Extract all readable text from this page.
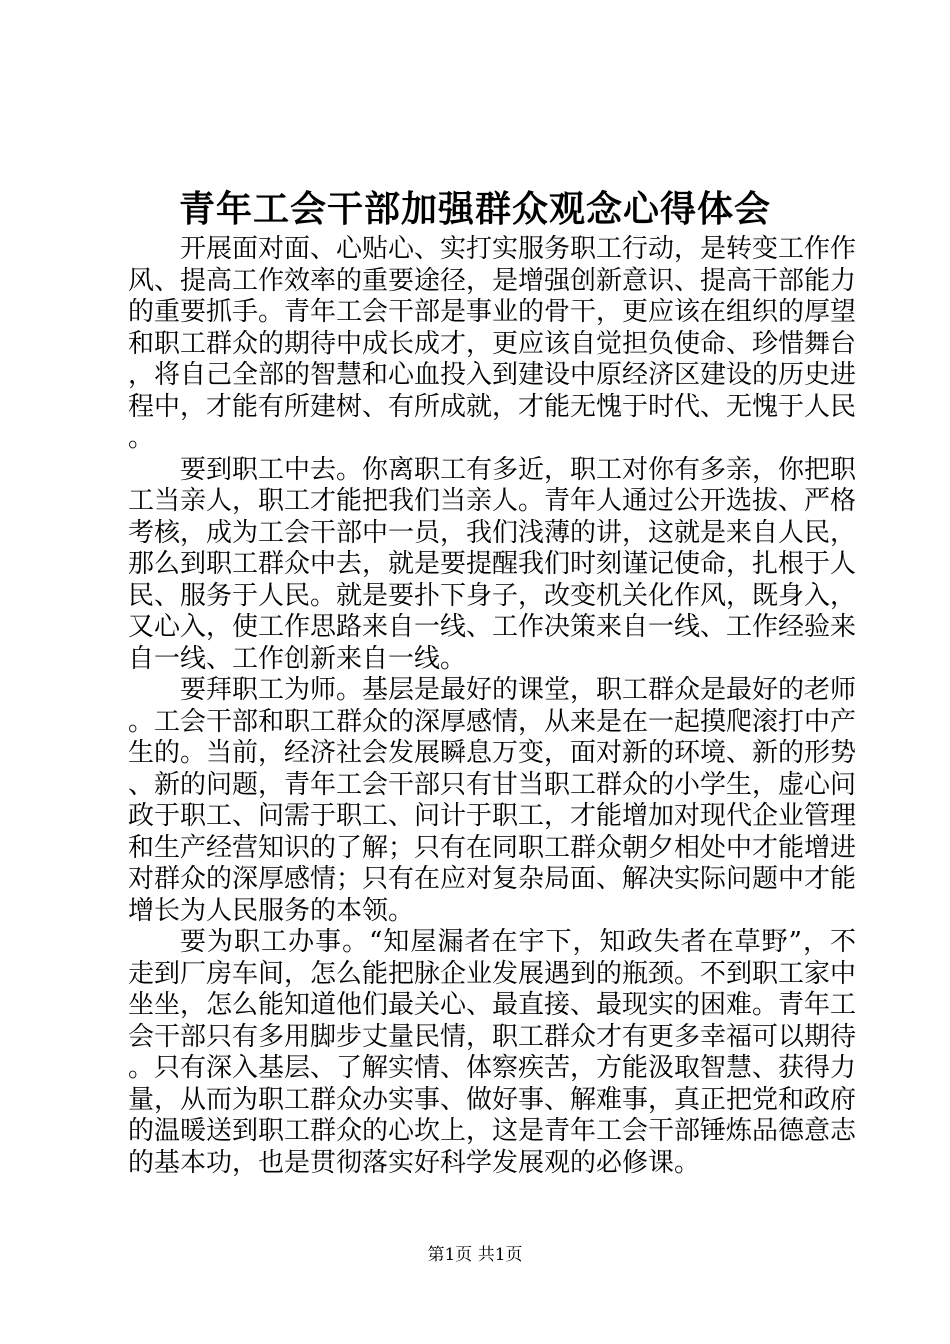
青年工会干部加强群众观念心得体会

开展面对面、心贴心、实打实服务职工行动，是转变工作作风、提高工作效率的重要途径，是增强创新意识、提高干部能力的重要抓手。青年工会干部是事业的骨干，更应该在组织的厚望和职工群众的期待中成长成才，更应该自觉担负使命、珍惜舞台，将自己全部的智慧和心血投入到建设中原经济区建设的历史进程中，才能有所建树、有所成就，才能无愧于时代、无愧于人民。

要到职工中去。你离职工有多近，职工对你有多亲，你把职工当亲人，职工才能把我们当亲人。青年人通过公开选拔、严格考核，成为工会干部中一员，我们浅薄的讲，这就是来自人民，那么到职工群众中去，就是要提醒我们时刻谨记使命，扎根于人民、服务于人民。就是要扑下身子，改变机关化作风，既身入，又心入，使工作思路来自一线、工作决策来自一线、工作经验来自一线、工作创新来自一线。

要拜职工为师。基层是最好的课堂，职工群众是最好的老师。工会干部和职工群众的深厚感情，从来是在一起摸爬滚打中产生的。当前，经济社会发展瞬息万变，面对新的环境、新的形势、新的问题，青年工会干部只有甘当职工群众的小学生，虚心问政于职工、问需于职工、问计于职工，才能增加对现代企业管理和生产经营知识的了解；只有在同职工群众朝夕相处中才能增进对群众的深厚感情；只有在应对复杂局面、解决实际问题中才能增长为人民服务的本领。

要为职工办事。“知屋漏者在宇下，知政失者在草野”，不走到厂房车间，怎么能把脉企业发展遇到的瓶颈。不到职工家中坐坐，怎么能知道他们最关心、最直接、最现实的困难。青年工会干部只有多用脚步丈量民情，职工群众才有更多幸福可以期待。只有深入基层、了解实情、体察疾苦，方能汲取智慧、获得力量，从而为职工群众办实事、做好事、解难事，真正把党和政府的温暖送到职工群众的心坎上，这是青年工会干部锤炼品德意志的基本功，也是贯彻落实好科学发展观的必修课。

第1页 共1页
